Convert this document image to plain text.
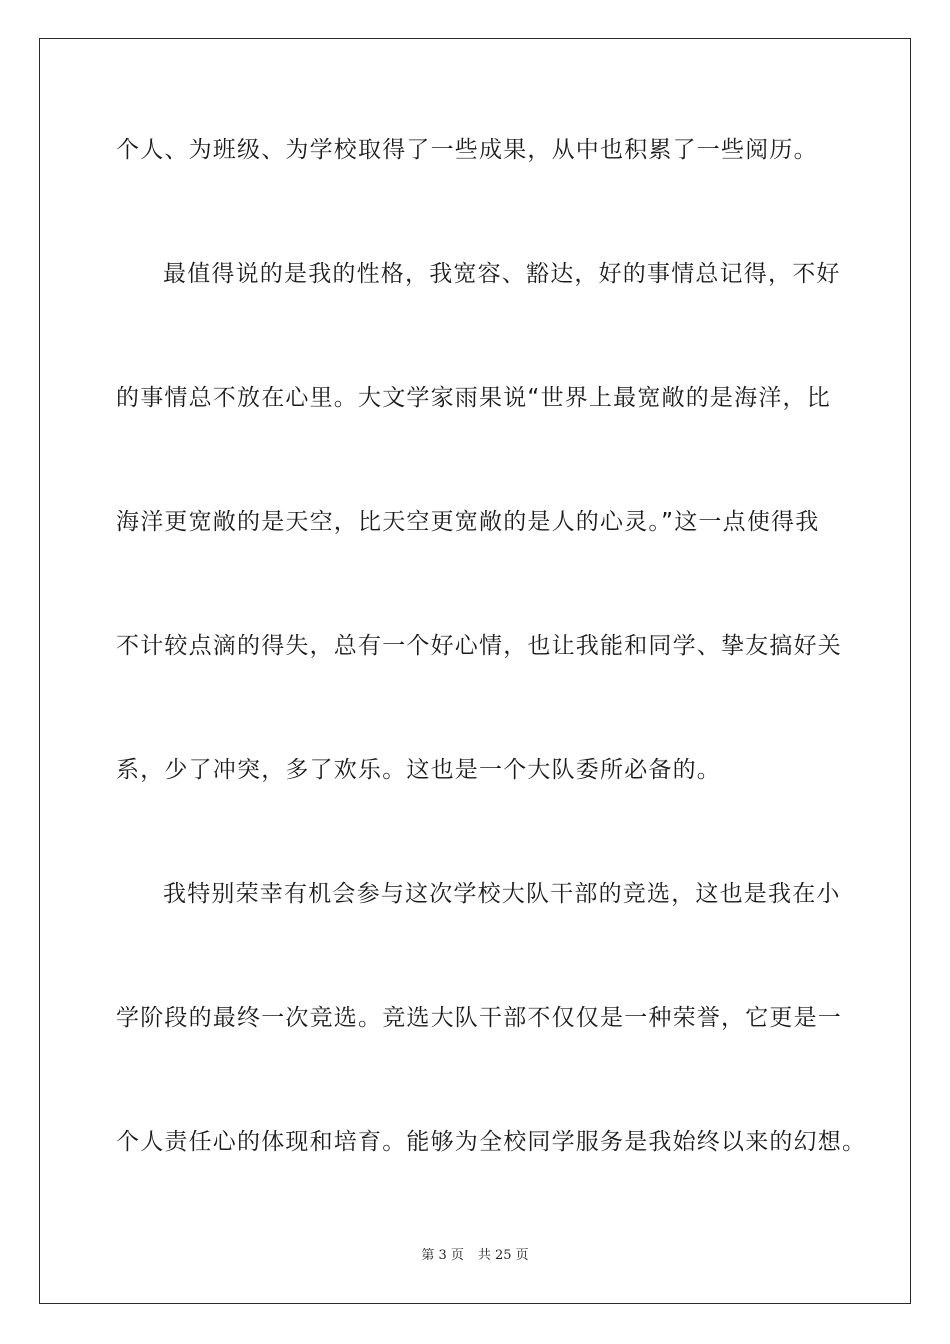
个人、为班级、为学校取得了一些成果，从中也积累了一些阅历。
最值得说的是我的性格，我宽容、豁达，好的事情总记得，不好
的事情总不放在心里。大文学家雨果说“世界上最宽敞的是海洋，比
海洋更宽敞的是天空，比天空更宽敞的是人的心灵。”这一点使得我
不计较点滴的得失，总有一个好心情，也让我能和同学、挚友搞好关
系，少了冲突，多了欢乐。这也是一个大队委所必备的。
我特别荣幸有机会参与这次学校大队干部的竞选，这也是我在小
学阶段的最终一次竞选。竞选大队干部不仅仅是一种荣誉，它更是一
个人责任心的体现和培育。能够为全校同学服务是我始终以来的幻想。
第 3 页 共 25 页
